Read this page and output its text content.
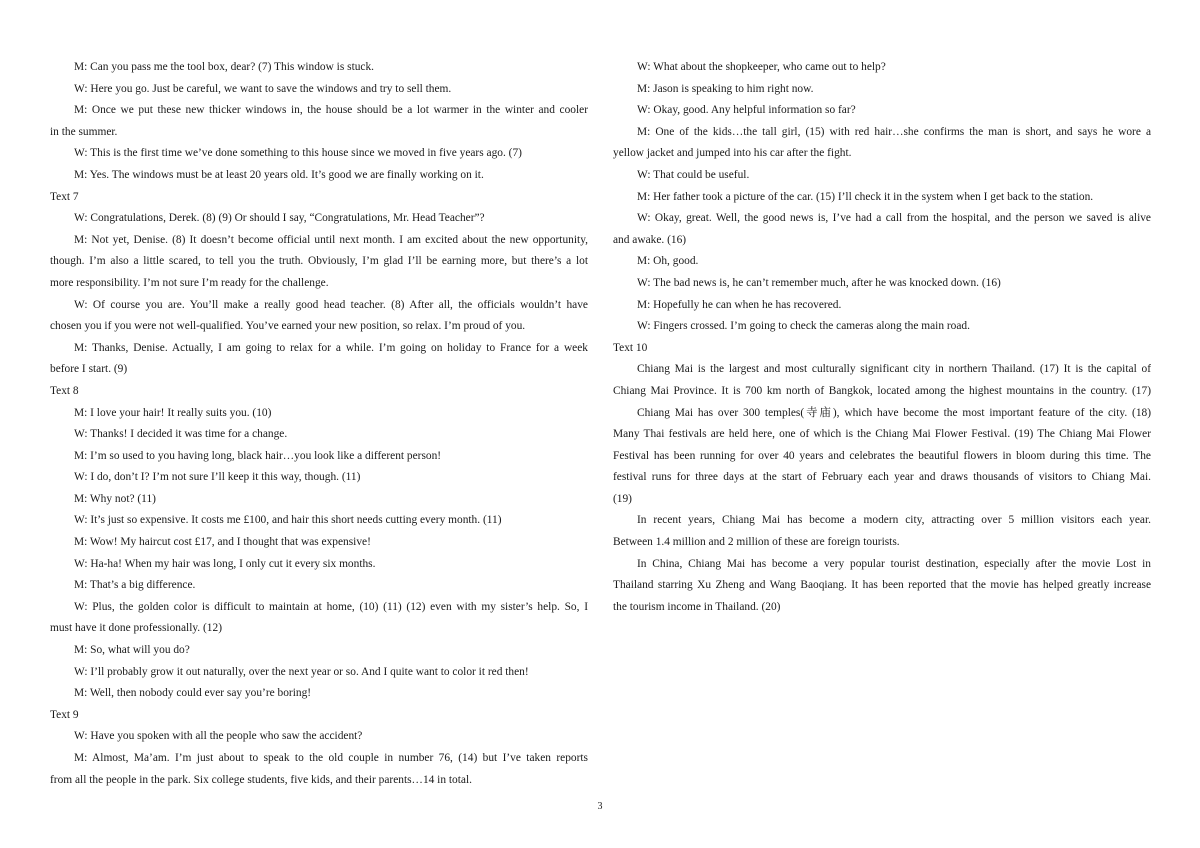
M: Can you pass me the tool box, dear? (7) This window is stuck.
W: Here you go. Just be careful, we want to save the windows and try to sell them.
M: Once we put these new thicker windows in, the house should be a lot warmer in the winter and cooler
in the summer.
W: This is the first time we’ve done something to this house since we moved in five years ago. (7)
M: Yes. The windows must be at least 20 years old. It’s good we are finally working on it.
Text 7
W: Congratulations, Derek. (8) (9) Or should I say, “Congratulations, Mr. Head Teacher”?
M: Not yet, Denise. (8) It doesn’t become official until next month. I am excited about the new opportunity,
though. I’m also a little scared, to tell you the truth. Obviously, I’m glad I’ll be earning more, but there’s a lot
more responsibility. I’m not sure I’m ready for the challenge.
W: Of course you are. You’ll make a really good head teacher. (8) After all, the officials wouldn’t have
chosen you if you were not well-qualified. You’ve earned your new position, so relax. I’m proud of you.
M: Thanks, Denise. Actually, I am going to relax for a while. I’m going on holiday to France for a week
before I start. (9)
Text 8
M: I love your hair! It really suits you. (10)
W: Thanks! I decided it was time for a change.
M: I’m so used to you having long, black hair…you look like a different person!
W: I do, don’t I? I’m not sure I’ll keep it this way, though. (11)
M: Why not? (11)
W: It’s just so expensive. It costs me £100, and hair this short needs cutting every month. (11)
M: Wow! My haircut cost £17, and I thought that was expensive!
W: Ha-ha! When my hair was long, I only cut it every six months.
M: That’s a big difference.
W: Plus, the golden color is difficult to maintain at home, (10) (11) (12) even with my sister’s help. So, I
must have it done professionally. (12)
M: So, what will you do?
W: I’ll probably grow it out naturally, over the next year or so. And I quite want to color it red then!
M: Well, then nobody could ever say you’re boring!
Text 9
W: Have you spoken with all the people who saw the accident?
M: Almost, Ma’am. I’m just about to speak to the old couple in number 76, (14) but I’ve taken reports
from all the people in the park. Six college students, five kids, and their parents…14 in total.
W: What about the shopkeeper, who came out to help?
M: Jason is speaking to him right now.
W: Okay, good. Any helpful information so far?
M: One of the kids…the tall girl, (15) with red hair…she confirms the man is short, and says he wore a
yellow jacket and jumped into his car after the fight.
W: That could be useful.
M: Her father took a picture of the car. (15) I’ll check it in the system when I get back to the station.
W: Okay, great. Well, the good news is, I’ve had a call from the hospital, and the person we saved is alive
and awake. (16)
M: Oh, good.
W: The bad news is, he can’t remember much, after he was knocked down. (16)
M: Hopefully he can when he has recovered.
W: Fingers crossed. I’m going to check the cameras along the main road.
Text 10
Chiang Mai is the largest and most culturally significant city in northern Thailand. (17) It is the capital of
Chiang Mai Province. It is 700 km north of Bangkok, located among the highest mountains in the country. (17)
Chiang Mai has over 300 temples(寺庙), which have become the most important feature of the city. (18)
Many Thai festivals are held here, one of which is the Chiang Mai Flower Festival. (19) The Chiang Mai Flower
Festival has been running for over 40 years and celebrates the beautiful flowers in bloom during this time. The
festival runs for three days at the start of February each year and draws thousands of visitors to Chiang Mai.
(19)
In recent years, Chiang Mai has become a modern city, attracting over 5 million visitors each year.
Between 1.4 million and 2 million of these are foreign tourists.
In China, Chiang Mai has become a very popular tourist destination, especially after the movie Lost in
Thailand starring Xu Zheng and Wang Baoqiang. It has been reported that the movie has helped greatly increase
the tourism income in Thailand. (20)
3
